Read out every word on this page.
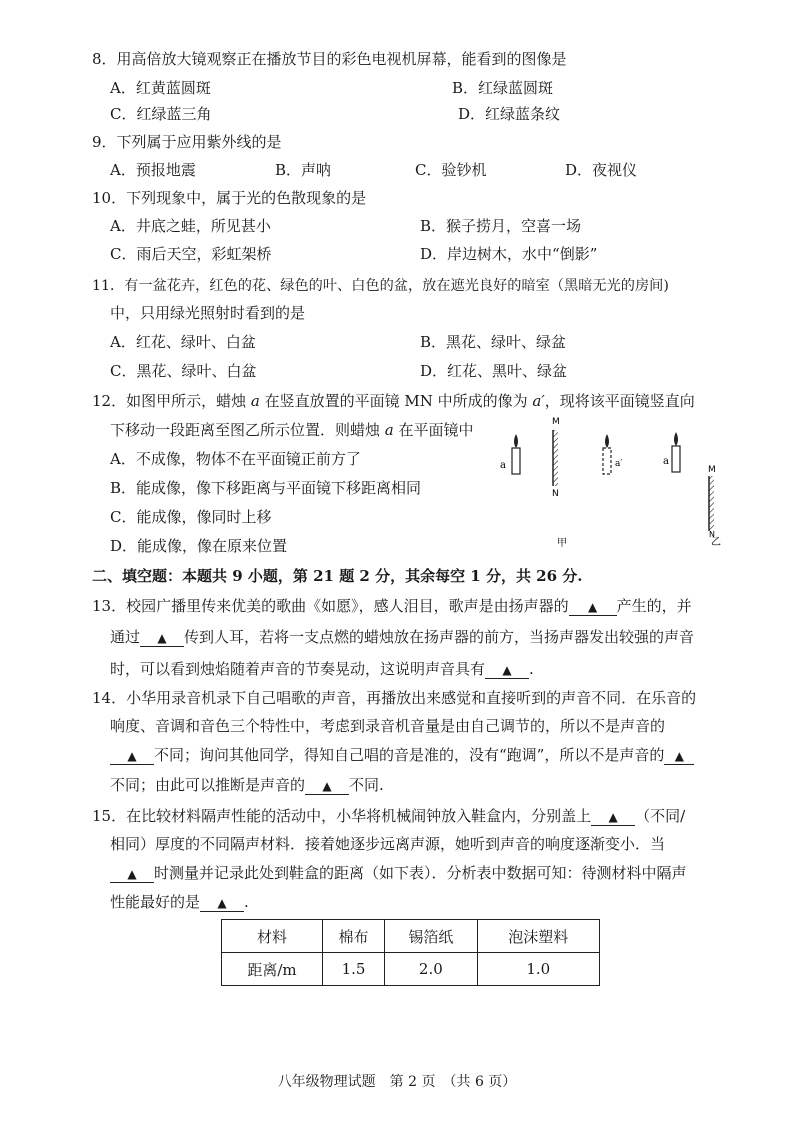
8．用高倍放大镜观察正在播放节目的彩色电视机屏幕，能看到的图像是
A．红黄蓝圆斑	B．红绿蓝圆斑
C．红绿蓝三角	D．红绿蓝条纹
9．下列属于应用紫外线的是
A．预报地震	B．声呐	C．验钞机	D．夜视仪
10．下列现象中，属于光的色散现象的是
A．井底之蛙，所见甚小	B．猴子捞月，空喜一场
C．雨后天空，彩虹架桥	D．岸边树木，水中“倒影”
11．有一盆花卉，红色的花、绿色的叶、白色的盆，放在遮光良好的暗室（黑暗无光的房间)
中，只用绿光照射时看到的是
A．红花、绿叶、白盆	B．黑花、绿叶、绿盆
C．黑花、绿叶、白盆	D．红花、黑叶、绿盆
12．如图甲所示，蜡烛 a 在竖直放置的平面镜 MN 中所成的像为 a′，现将该平面镜竖直向
下移动一段距离至图乙所示位置．则蜡烛 a 在平面镜中
A．不成像，物体不在平面镜正前方了
B．能成像，像下移距离与平面镜下移距离相同
C．能成像，像同时上移
D．能成像，像在原来位置
a
M
N
a′	a
M
N
乙
甲
二、填空题：本题共 9 小题，第 21 题 2 分，其余每空 1 分，共 26 分.
13．校园广播里传来优美的歌曲《如愿》，感人泪目，歌声是由扬声器的 ▲ 产生的，并
通过 ▲ 传到人耳，若将一支点燃的蜡烛放在扬声器的前方，当扬声器发出较强的声音
时，可以看到烛焰随着声音的节奏晃动，这说明声音具有 ▲ .
14．小华用录音机录下自己唱歌的声音，再播放出来感觉和直接听到的声音不同．在乐音的
响度、音调和音色三个特性中，考虑到录音机音量是由自己调节的，所以不是声音的
▲ 不同；询问其他同学，得知自己唱的音是准的，没有“跑调”，所以不是声音的 ▲
不同；由此可以推断是声音的 ▲ 不同.
15．在比较材料隔声性能的活动中，小华将机械闹钟放入鞋盒内，分别盖上 ▲ （不同/
相同）厚度的不同隔声材料．接着她逐步远离声源，她听到声音的响度逐渐变小．当
▲ 时测量并记录此处到鞋盒的距离（如下表）．分析表中数据可知：待测材料中隔声
性能最好的是 ▲ .
材料	棉布	锡箔纸	泡沫塑料
距离/m	1.5	2.0	1.0
八年级物理试题　第 2 页　（共 6 页）
